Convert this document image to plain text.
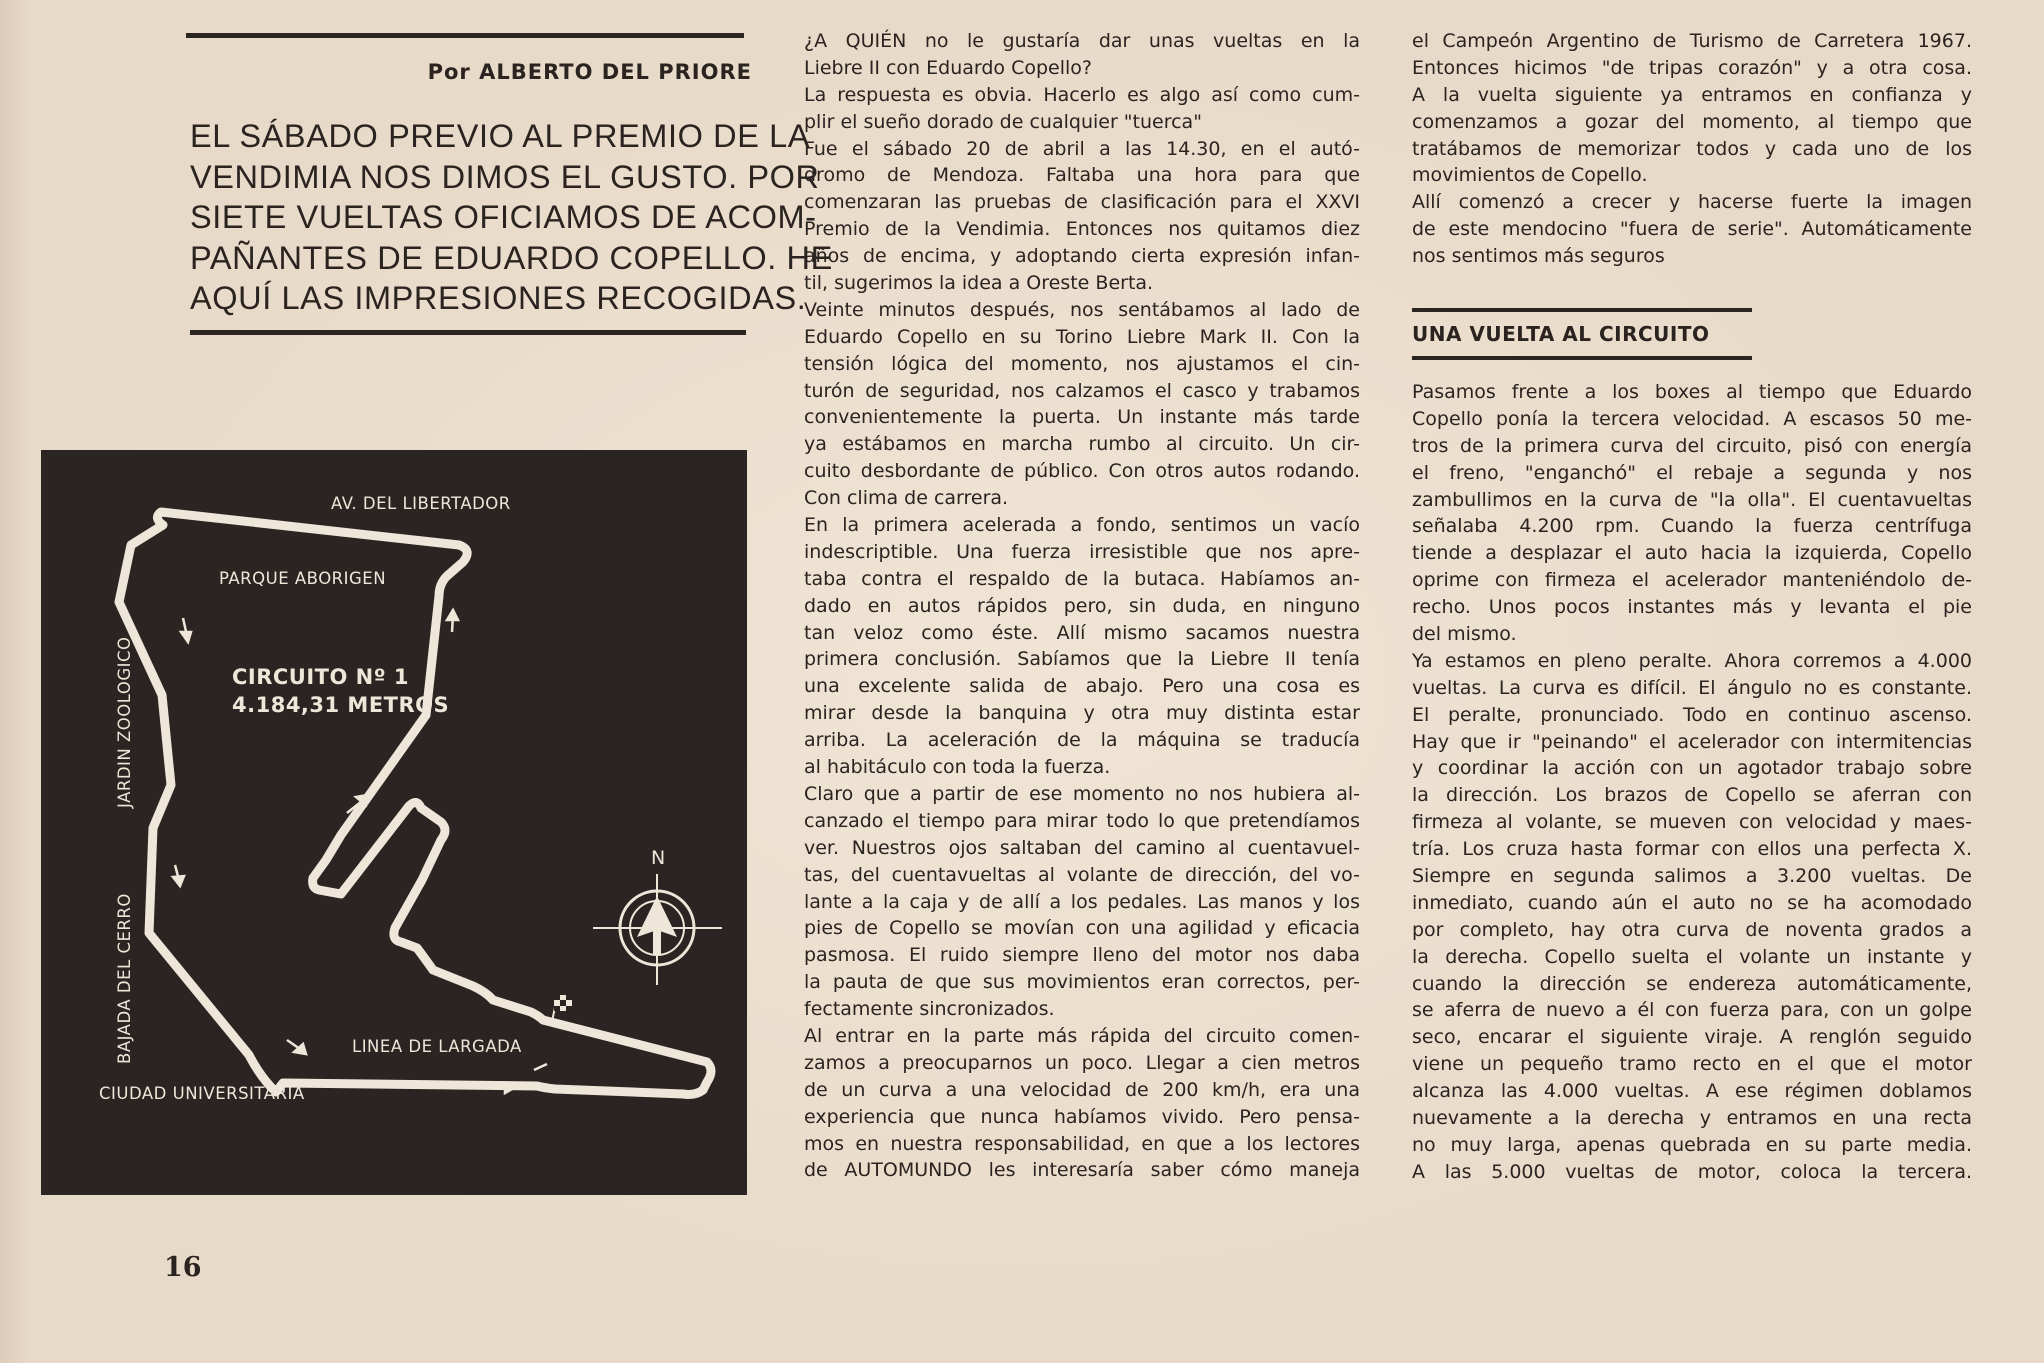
Por ALBERTO DEL PRIORE
EL SÁBADO PREVIO AL PREMIO DE LA
VENDIMIA NOS DIMOS EL GUSTO. POR
SIETE VUELTAS OFICIAMOS DE ACOM-
PAÑANTES DE EDUARDO COPELLO. HE
AQUÍ LAS IMPRESIONES RECOGIDAS.
AV. DEL LIBERTADOR
PARQUE ABORIGEN
JARDIN ZOOLOGICO
BAJADA DEL CERRO
CIUDAD UNIVERSITARIA
LINEA DE LARGADA
N
CIRCUITO Nº 1
4.184,31 METROS
¿A QUIÉN no le gustaría dar unas vueltas en la
Liebre II con Eduardo Copello?
La respuesta es obvia. Hacerlo es algo así como cum-
plir el sueño dorado de cualquier "tuerca"
Fue el sábado 20 de abril a las 14.30, en el autó-
dromo de Mendoza. Faltaba una hora para que
comenzaran las pruebas de clasificación para el XXVI
Premio de la Vendimia. Entonces nos quitamos diez
años de encima, y adoptando cierta expresión infan-
til, sugerimos la idea a Oreste Berta.
Veinte minutos después, nos sentábamos al lado de
Eduardo Copello en su Torino Liebre Mark II. Con la
tensión lógica del momento, nos ajustamos el cin-
turón de seguridad, nos calzamos el casco y trabamos
convenientemente la puerta. Un instante más tarde
ya estábamos en marcha rumbo al circuito. Un cir-
cuito desbordante de público. Con otros autos rodando.
Con clima de carrera.
En la primera acelerada a fondo, sentimos un vacío
indescriptible. Una fuerza irresistible que nos apre-
taba contra el respaldo de la butaca. Habíamos an-
dado en autos rápidos pero, sin duda, en ninguno
tan veloz como éste. Allí mismo sacamos nuestra
primera conclusión. Sabíamos que la Liebre II tenía
una excelente salida de abajo. Pero una cosa es
mirar desde la banquina y otra muy distinta estar
arriba. La aceleración de la máquina se traducía
al habitáculo con toda la fuerza.
Claro que a partir de ese momento no nos hubiera al-
canzado el tiempo para mirar todo lo que pretendíamos
ver. Nuestros ojos saltaban del camino al cuentavuel-
tas, del cuentavueltas al volante de dirección, del vo-
lante a la caja y de allí a los pedales. Las manos y los
pies de Copello se movían con una agilidad y eficacia
pasmosa. El ruido siempre lleno del motor nos daba
la pauta de que sus movimientos eran correctos, per-
fectamente sincronizados.
Al entrar en la parte más rápida del circuito comen-
zamos a preocuparnos un poco. Llegar a cien metros
de un curva a una velocidad de 200 km/h, era una
experiencia que nunca habíamos vivido. Pero pensa-
mos en nuestra responsabilidad, en que a los lectores
de AUTOMUNDO les interesaría saber cómo maneja
el Campeón Argentino de Turismo de Carretera 1967.
Entonces hicimos "de tripas corazón" y a otra cosa.
A la vuelta siguiente ya entramos en confianza y
comenzamos a gozar del momento, al tiempo que
tratábamos de memorizar todos y cada uno de los
movimientos de Copello.
Allí comenzó a crecer y hacerse fuerte la imagen
de este mendocino "fuera de serie". Automáticamente
nos sentimos más seguros
UNA VUELTA AL CIRCUITO
Pasamos frente a los boxes al tiempo que Eduardo
Copello ponía la tercera velocidad. A escasos 50 me-
tros de la primera curva del circuito, pisó con energía
el freno, "enganchó" el rebaje a segunda y nos
zambullimos en la curva de "la olla". El cuentavueltas
señalaba 4.200 rpm. Cuando la fuerza centrífuga
tiende a desplazar el auto hacia la izquierda, Copello
oprime con firmeza el acelerador manteniéndolo de-
recho. Unos pocos instantes más y levanta el pie
del mismo.
Ya estamos en pleno peralte. Ahora corremos a 4.000
vueltas. La curva es difícil. El ángulo no es constante.
El peralte, pronunciado. Todo en continuo ascenso.
Hay que ir "peinando" el acelerador con intermitencias
y coordinar la acción con un agotador trabajo sobre
la dirección. Los brazos de Copello se aferran con
firmeza al volante, se mueven con velocidad y maes-
tría. Los cruza hasta formar con ellos una perfecta X.
Siempre en segunda salimos a 3.200 vueltas. De
inmediato, cuando aún el auto no se ha acomodado
por completo, hay otra curva de noventa grados a
la derecha. Copello suelta el volante un instante y
cuando la dirección se endereza automáticamente,
se aferra de nuevo a él con fuerza para, con un golpe
seco, encarar el siguiente viraje. A renglón seguido
viene un pequeño tramo recto en el que el motor
alcanza las 4.000 vueltas. A ese régimen doblamos
nuevamente a la derecha y entramos en una recta
no muy larga, apenas quebrada en su parte media.
A las 5.000 vueltas de motor, coloca la tercera.
16
